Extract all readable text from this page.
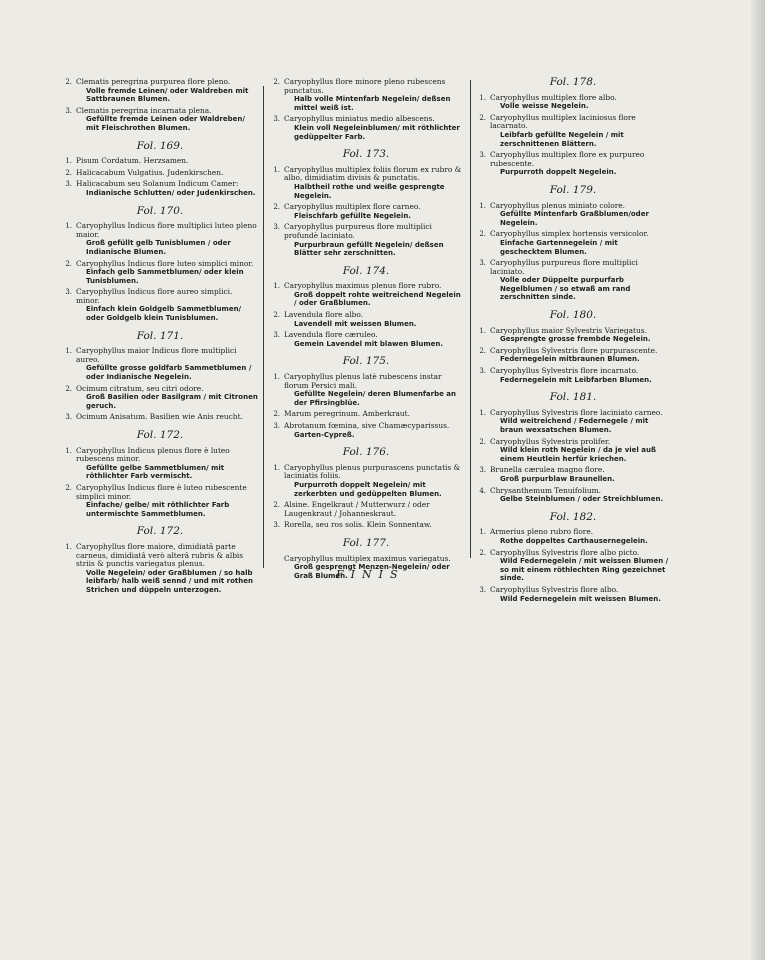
2. Clematis peregrina purpurea flore pleno.
Volle fremde Leinen/ oder Waldreben mit Sattbraunen Blumen.
3. Clematis peregrina incarnata plena.
Gefüllte fremde Leinen oder Waldreben/ mit Fleischrothen Blumen.
Fol. 169.
1. Pisum Cordatum. Herzsamen.
2. Halicacabum Vulgatius. Judenkirschen.
3. Halicacabum seu Solanum Indicum Camer:
Indianische Schlutten/ oder Judenkirschen.
Fol. 170.
1. Caryophyllus Indicus flore multiplici luteo pleno maior.
Groß gefüllt gelb Tunisblumen / oder Indianische Blumen.
2. Caryophyllus Indicus flore luteo simplici minor.
Einfach gelb Sammetblumen/ oder klein Tunisblumen.
3. Caryophyllus Indicus flore aureo simplici. minor.
Einfach klein Goldgelb Sammetblumen/ oder Goldgelb klein Tunisblumen.
Fol. 171.
1. Caryophyllus maior Indicus flore multiplici aureo.
Gefüllte grosse goldfarb Sammetblumen / oder Indianische Negelein.
2. Ocimum citratum, seu citri odore.
Groß Basilien oder Basilgram / mit Citronen geruch.
3. Ocimum Anisatum. Basilien wie Anis reucht.
Fol. 172.
1. Caryophyllus Indicus plenus flore è luteo rubescens minor.
Gefüllte gelbe Sammetblumen/ mit röthlichter Farb vermischt.
2. Caryophyllus Indicus flore è luteo rubescente simplici minor.
Einfache/ gelbe/ mit röthlichter Farb untermischte Sammetblumen.
Fol. 172.
1. Caryophyllus flore maiore, dimidiatâ parte carneus, dimidiatâ verò alterâ rubris & albis striis & punctis variegatus plenus.
Volle Negelein/ oder Graßblumen / so halb leibfarb/ halb weiß sennd / und mit rothen Strichen und düppeln unterzogen.
2. Caryophyllus flore minore pleno rubescens punctatus.
Halb volle Mintenfarb Negelein/ deßsen mittel weiß ist.
3. Caryophyllus miniatus medio albescens.
Klein voll Negeleinblumen/ mit röthlichter gedüppelter Farb.
Fol. 173.
1. Caryophyllus multiplex foliis florum ex rubro & albo, dimidiatim divisis & punctatis.
Halbtheil rothe und weiße gesprengte Negelein.
2. Caryophyllus multiplex flore carneo.
Fleischfarb gefüllte Negelein.
3. Caryophyllus purpureus flore multiplici profundè laciniato.
Purpurbraun gefüllt Negelein/ deßsen Blätter sehr zerschnitten.
Fol. 174.
1. Caryophyllus maximus plenus flore rubro.
Groß doppelt rohte weitreichend Negelein / oder Graßblumen.
2. Lavendula flore albo.
Lavendell mit weissen Blumen.
3. Lavendula flore cæruleo.
Gemein Lavendel mit blawen Blumen.
Fol. 175.
1. Caryophyllus plenus latè rubescens instar florum Persici mali.
Gefüllte Negelein/ deren Blumenfarbe an der Pfirsingblüe.
2. Marum peregrinum. Amberkraut.
3. Abrotanum fœmina, sive Chamæcyparissus.
Garten-Cypreß.
Fol. 176.
1. Caryophyllus plenus purpurascens punctatis & laciniatis foliis.
Purpurroth doppelt Negelein/ mit zerkerbten und gedüppelten Blumen.
2. Alsine. Engelkraut / Mutterwurz / oder Laugenkraut / Johanneskraut.
3. Rorella, seu ros solis. Klein Sonnentaw.
Fol. 177.
Caryophyllus multiplex maximus variegatus.
Groß gesprengt Menzen-Negelein/ oder Graß Blumen.
Fol. 178.
1. Caryophyllus multiplex flore albo.
Volle weisse Negelein.
2. Caryophyllus multiplex laciniosus flore lacarnato.
Leibfarb gefüllte Negelein / mit zerschnittenen Blättern.
3. Caryophyllus multiplex flore ex purpureo rubescente.
Purpurroth doppelt Negelein.
Fol. 179.
1. Caryophyllus plenus miniato colore.
Gefüllte Mintenfarb Graßblumen/oder Negelein.
2. Caryophyllus simplex hortensis versicolor.
Einfache Gartennegelein / mit geschecktem Blumen.
3. Caryophyllus purpureus flore multiplici laciniato.
Volle oder Düppelte purpurfarb Negelblumen / so etwaß am rand zerschnitten sinde.
Fol. 180.
1. Caryophyllus maior Sylvestris Variegatus.
Gesprengte grosse frembde Negelein.
2. Caryophyllus Sylvestris flore purpurascente.
Federnegelein mitbraunen Blumen.
3. Caryophyllus Sylvestris flore incarnato.
Federnegelein mit Leibfarben Blumen.
Fol. 181.
1. Caryophyllus Sylvestris flore laciniato carneo.
Wild weitreichend / Federnegele / mit braun wexsatschen Blumen.
2. Caryophyllus Sylvestris prolifer.
Wild klein roth Negelein / da je viel auß einem Heutlein herfür kriechen.
3. Brunella cærulea magno flore.
Groß purpurblaw Braunellen.
4. Chrysanthemum Tenuifolium.
Gelbe Steinblumen / oder Streichblumen.
Fol. 182.
1. Armerius pleno rubro flore.
Rothe doppeltes Carthausernegelein.
2. Caryophyllus Sylvestris flore albo picto.
Wild Federnegelein / mit weissen Blumen / so mit einem röthlechten Ring gezeichnet sinde.
3. Caryophyllus Sylvestris flore albo.
Wild Federnegelein mit weissen Blumen.
FINIS
